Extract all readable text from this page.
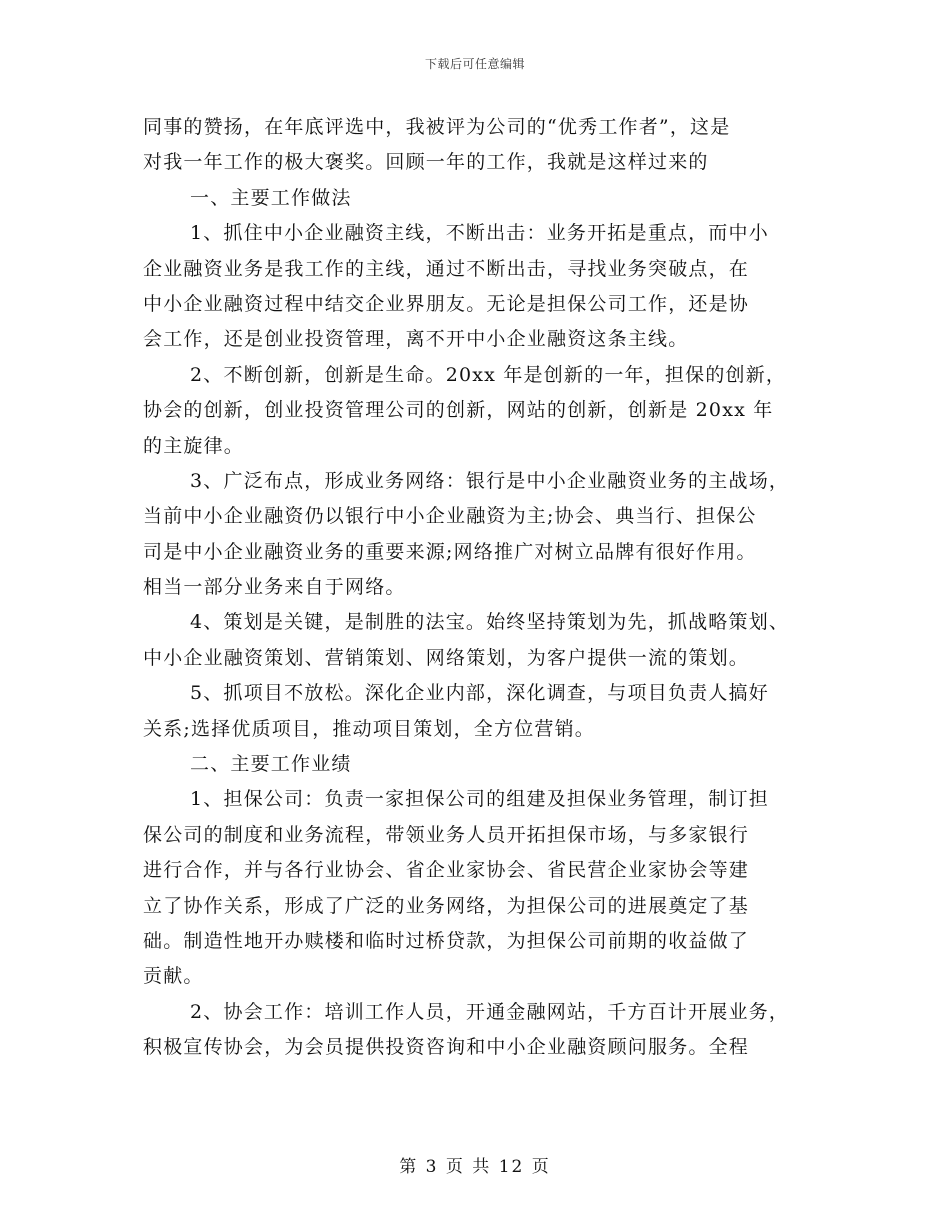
下载后可任意编辑
同事的赞扬，在年底评选中，我被评为公司的“优秀工作者”，这是
对我一年工作的极大褒奖。回顾一年的工作，我就是这样过来的
一、主要工作做法
1、抓住中小企业融资主线，不断出击：业务开拓是重点，而中小
企业融资业务是我工作的主线，通过不断出击，寻找业务突破点，在
中小企业融资过程中结交企业界朋友。无论是担保公司工作，还是协
会工作，还是创业投资管理，离不开中小企业融资这条主线。
2、不断创新，创新是生命。20xx 年是创新的一年，担保的创新，
协会的创新，创业投资管理公司的创新，网站的创新，创新是 20xx 年
的主旋律。
3、广泛布点，形成业务网络：银行是中小企业融资业务的主战场，
当前中小企业融资仍以银行中小企业融资为主;协会、典当行、担保公
司是中小企业融资业务的重要来源;网络推广对树立品牌有很好作用。
相当一部分业务来自于网络。
4、策划是关键，是制胜的法宝。始终坚持策划为先，抓战略策划、
中小企业融资策划、营销策划、网络策划，为客户提供一流的策划。
5、抓项目不放松。深化企业内部，深化调查，与项目负责人搞好
关系;选择优质项目，推动项目策划，全方位营销。
二、主要工作业绩
1、担保公司：负责一家担保公司的组建及担保业务管理，制订担
保公司的制度和业务流程，带领业务人员开拓担保市场，与多家银行
进行合作，并与各行业协会、省企业家协会、省民营企业家协会等建
立了协作关系，形成了广泛的业务网络，为担保公司的进展奠定了基
础。制造性地开办赎楼和临时过桥贷款，为担保公司前期的收益做了
贡献。
2、协会工作：培训工作人员，开通金融网站，千方百计开展业务，
积极宣传协会，为会员提供投资咨询和中小企业融资顾问服务。全程
第 3 页 共 12 页
